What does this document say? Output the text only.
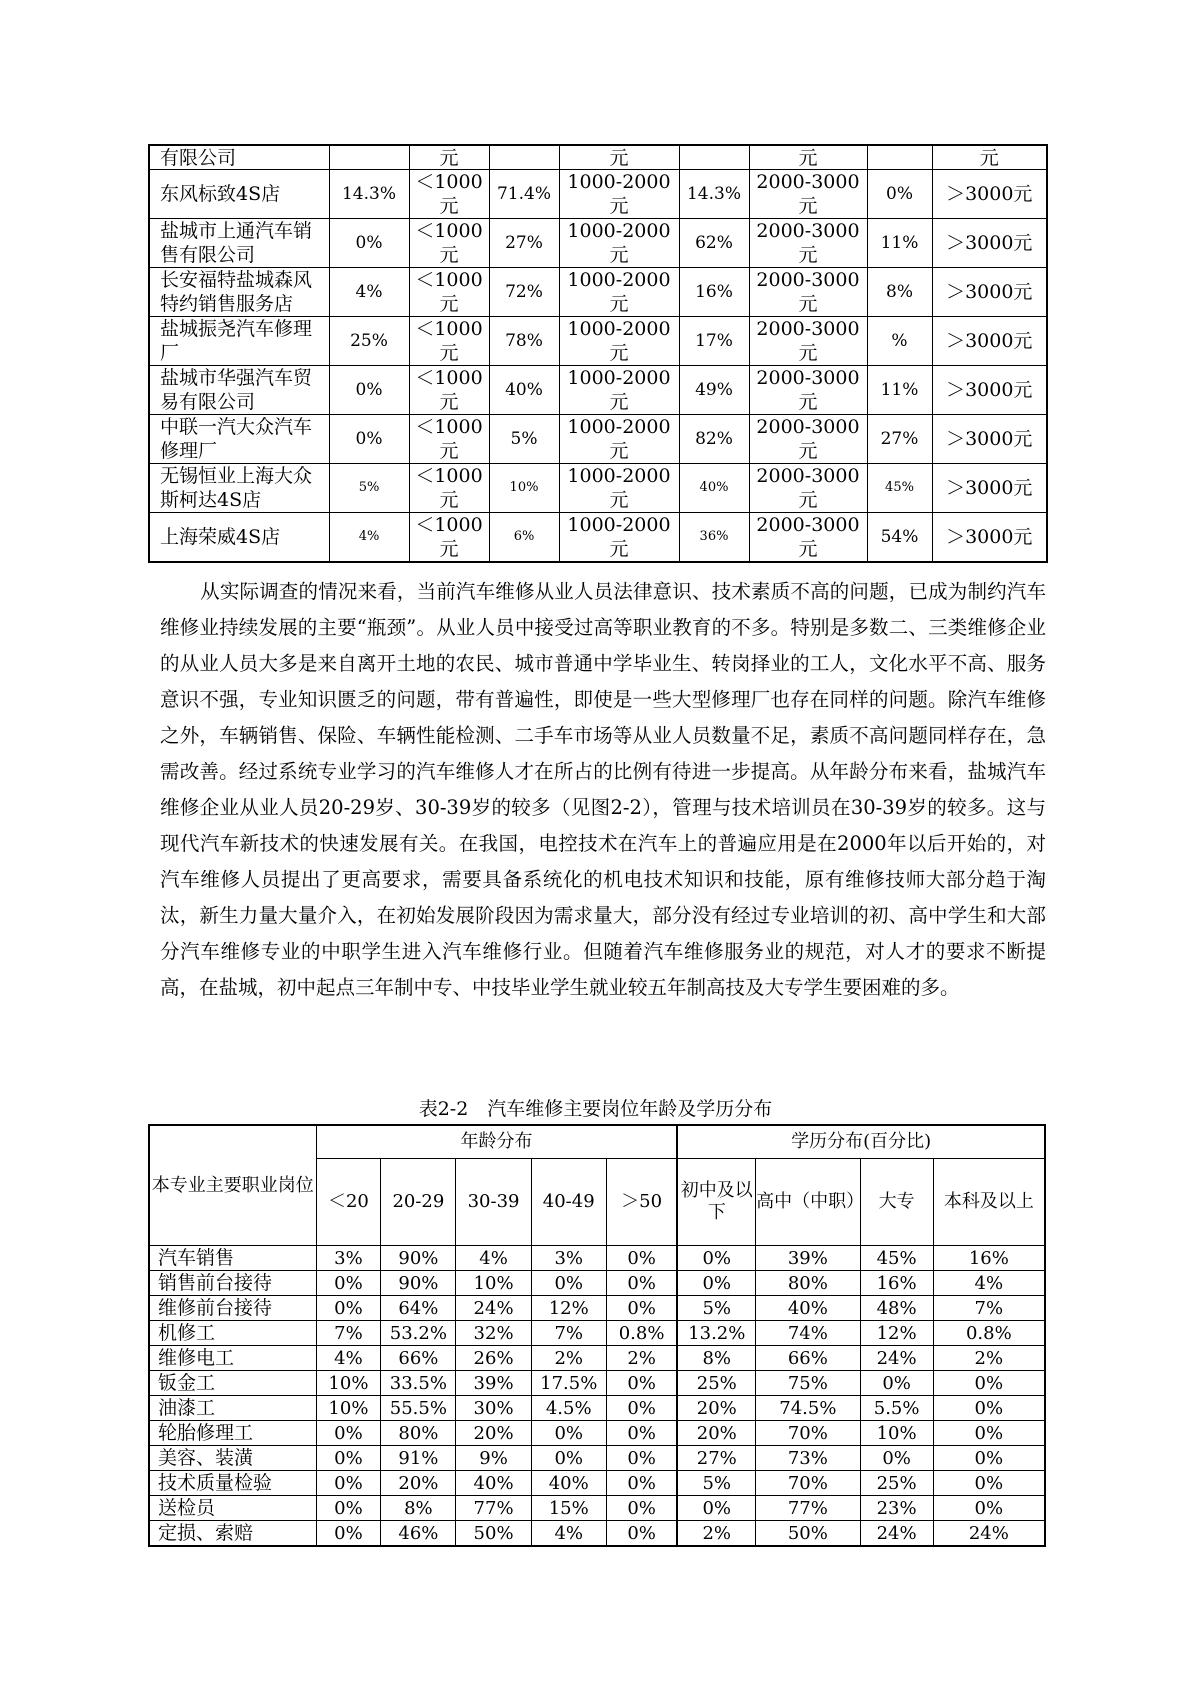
有限公司		元		元		元		元
东风标致4S店	14.3%	＜1000元	71.4%	1000-2000元	14.3%	2000-3000元	0%	＞3000元
盐城市上通汽车销售有限公司	0%	＜1000元	27%	1000-2000元	62%	2000-3000元	11%	＞3000元
长安福特盐城森风特约销售服务店	4%	＜1000元	72%	1000-2000元	16%	2000-3000元	8%	＞3000元
盐城振尧汽车修理厂	25%	＜1000元	78%	1000-2000元	17%	2000-3000元	%	＞3000元
盐城市华强汽车贸易有限公司	0%	＜1000元	40%	1000-2000元	49%	2000-3000元	11%	＞3000元
中联一汽大众汽车修理厂	0%	＜1000元	5%	1000-2000元	82%	2000-3000元	27%	＞3000元
无锡恒业上海大众斯柯达4S店	5%	＜1000元	10%	1000-2000元	40%	2000-3000元	45%	＞3000元
上海荣威4S店	4%	＜1000元	6%	1000-2000元	36%	2000-3000元	54%	＞3000元

从实际调查的情况来看，当前汽车维修从业人员法律意识、技术素质不高的问题，已成为制约汽车维修业持续发展的主要“瓶颈”。从业人员中接受过高等职业教育的不多。特别是多数二、三类维修企业的从业人员大多是来自离开土地的农民、城市普通中学毕业生、转岗择业的工人，文化水平不高、服务意识不强，专业知识匮乏的问题，带有普遍性，即使是一些大型修理厂也存在同样的问题。除汽车维修之外，车辆销售、保险、车辆性能检测、二手车市场等从业人员数量不足，素质不高问题同样存在，急需改善。经过系统专业学习的汽车维修人才在所占的比例有待进一步提高。从年龄分布来看，盐城汽车维修企业从业人员20-29岁、30-39岁的较多（见图2-2），管理与技术培训员在30-39岁的较多。这与现代汽车新技术的快速发展有关。在我国，电控技术在汽车上的普遍应用是在2000年以后开始的，对汽车维修人员提出了更高要求，需要具备系统化的机电技术知识和技能，原有维修技师大部分趋于淘汰，新生力量大量介入，在初始发展阶段因为需求量大，部分没有经过专业培训的初、高中学生和大部分汽车维修专业的中职学生进入汽车维修行业。但随着汽车维修服务业的规范，对人才的要求不断提高，在盐城，初中起点三年制中专、中技毕业学生就业较五年制高技及大专学生要困难的多。

表2-2　汽车维修主要岗位年龄及学历分布
本专业主要职业岗位	年龄分布					学历分布(百分比)			
	＜20	20-29	30-39	40-49	＞50	初中及以下	高中（中职）	大专	本科及以上
汽车销售	3%	90%	4%	3%	0%	0%	39%	45%	16%
销售前台接待	0%	90%	10%	0%	0%	0%	80%	16%	4%
维修前台接待	0%	64%	24%	12%	0%	5%	40%	48%	7%
机修工	7%	53.2%	32%	7%	0.8%	13.2%	74%	12%	0.8%
维修电工	4%	66%	26%	2%	2%	8%	66%	24%	2%
钣金工	10%	33.5%	39%	17.5%	0%	25%	75%	0%	0%
油漆工	10%	55.5%	30%	4.5%	0%	20%	74.5%	5.5%	0%
轮胎修理工	0%	80%	20%	0%	0%	20%	70%	10%	0%
美容、装潢	0%	91%	9%	0%	0%	27%	73%	0%	0%
技术质量检验	0%	20%	40%	40%	0%	5%	70%	25%	0%
送检员	0%	8%	77%	15%	0%	0%	77%	23%	0%
定损、索赔	0%	46%	50%	4%	0%	2%	50%	24%	24%
